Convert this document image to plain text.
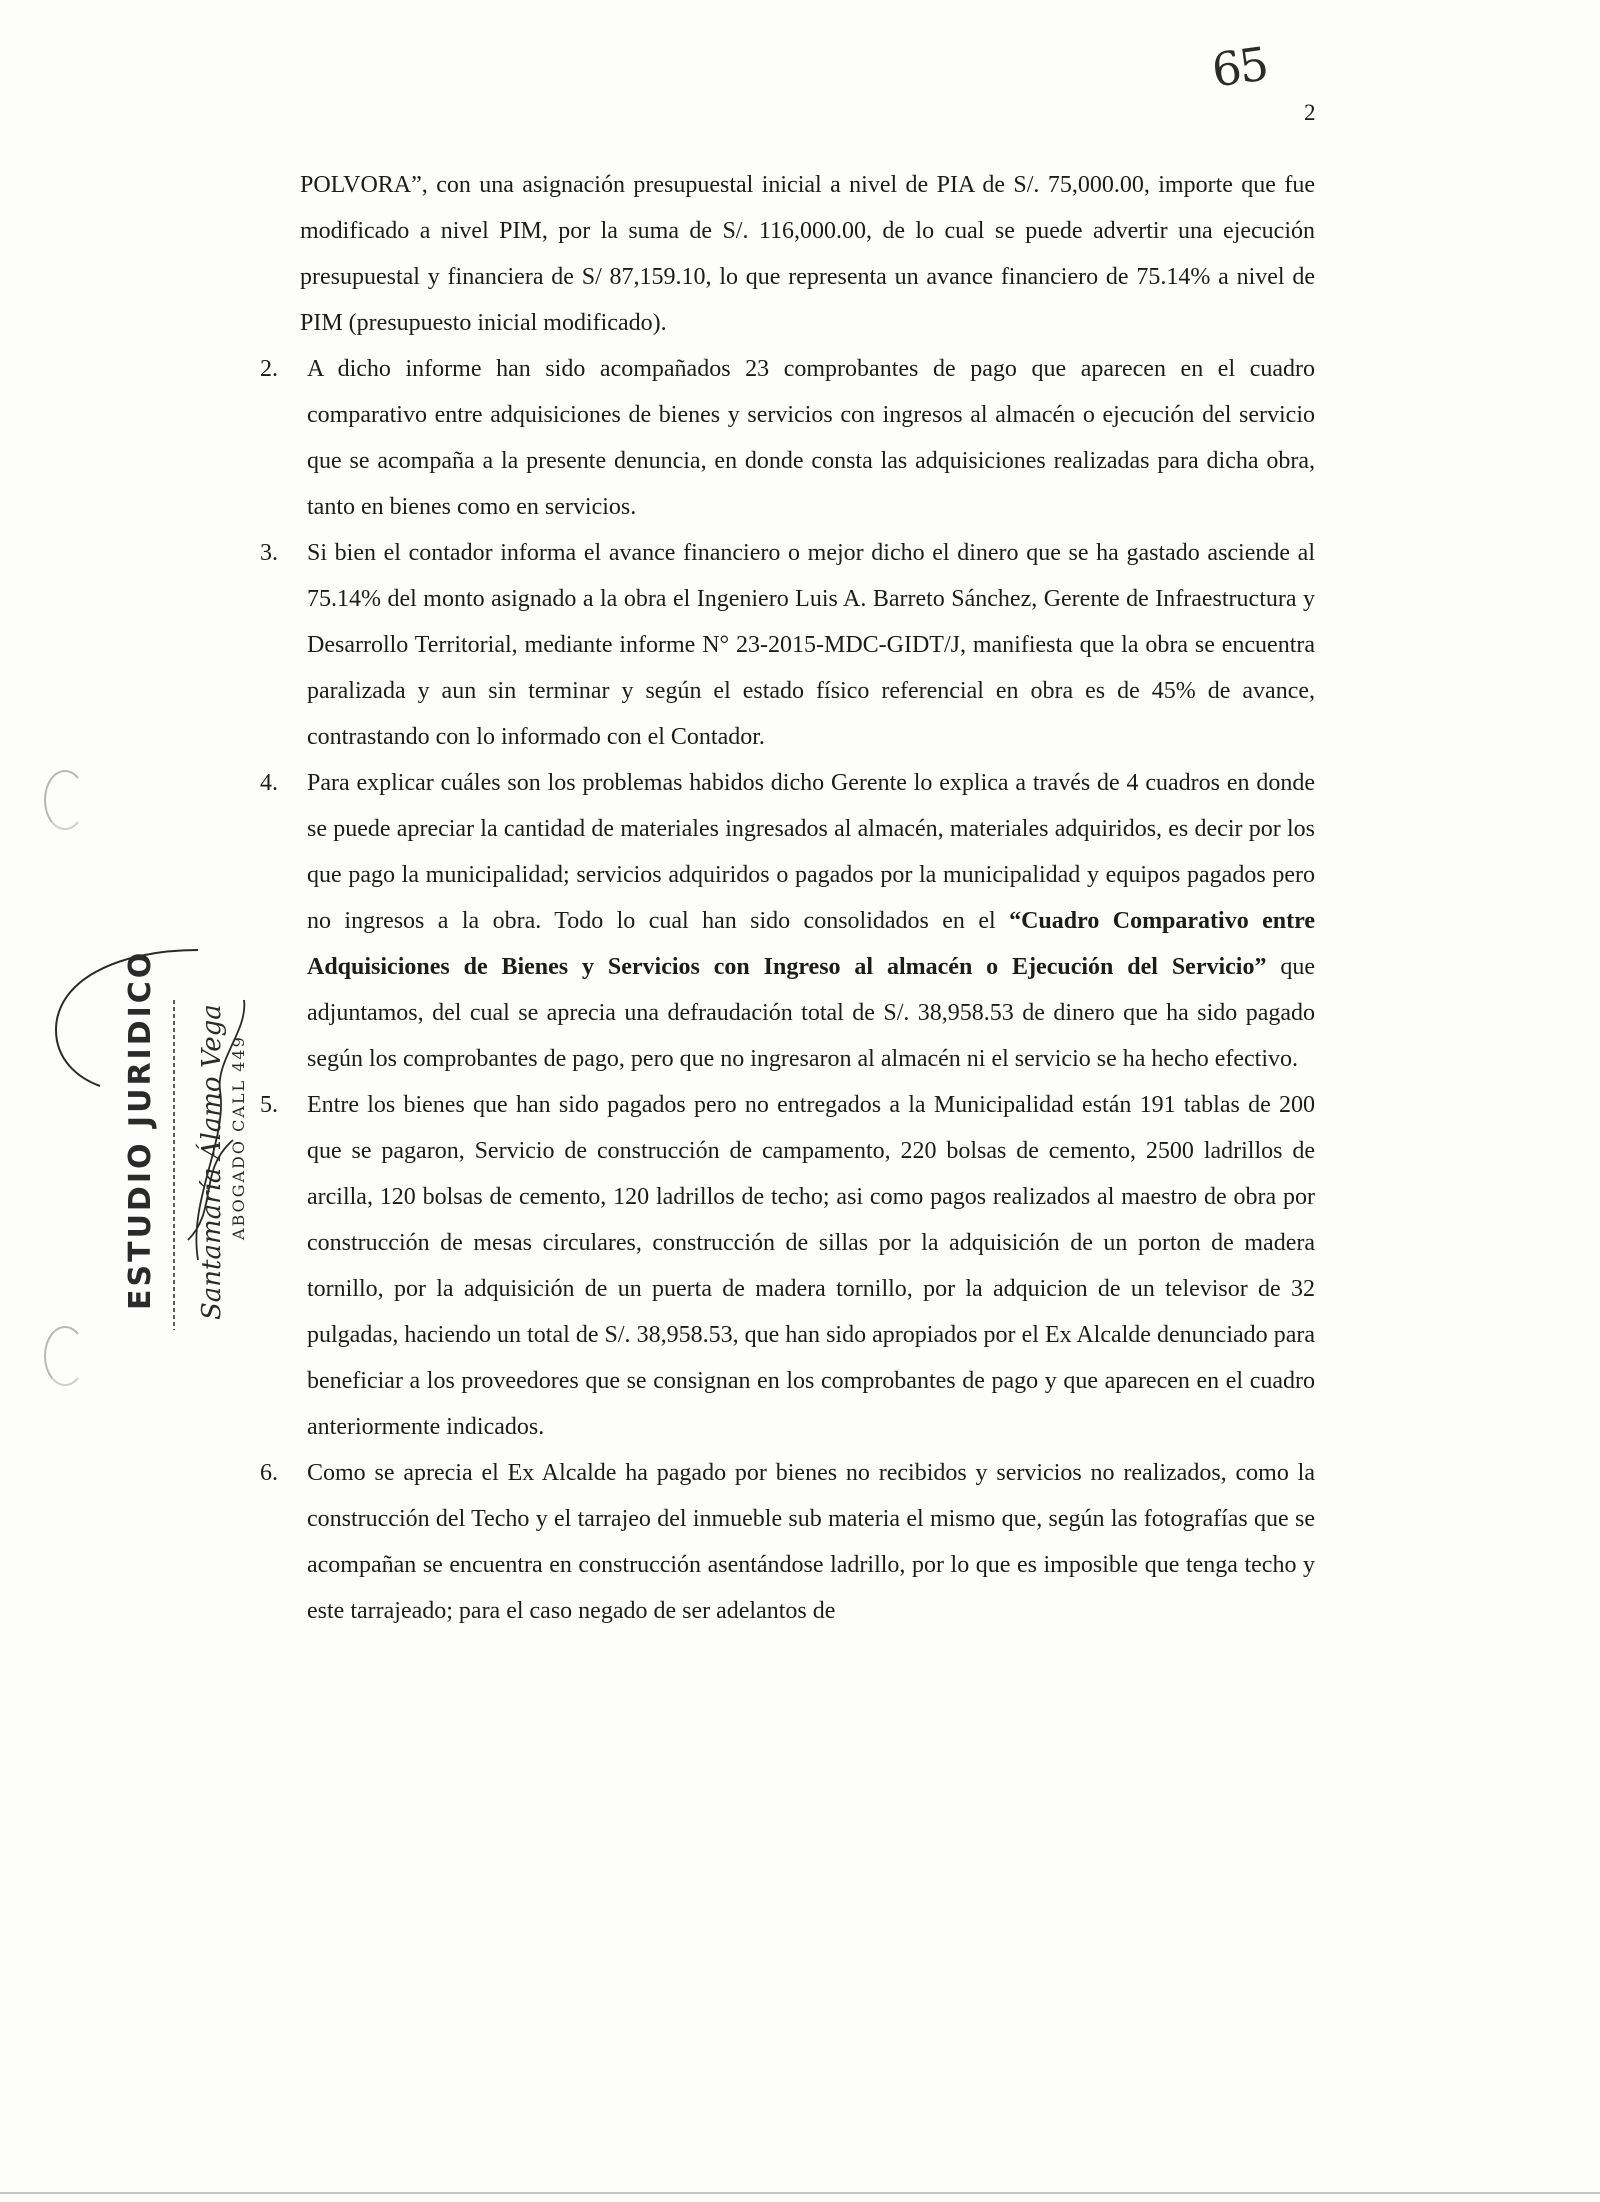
65
2

POLVORA”, con una asignación presupuestal inicial a nivel de PIA de S/. 75,000.00, importe que fue modificado a nivel PIM, por la suma de S/. 116,000.00, de lo cual se puede advertir una ejecución presupuestal y financiera de S/ 87,159.10, lo que representa un avance financiero de 75.14% a nivel de PIM (presupuesto inicial modificado).

2. A dicho informe han sido acompañados 23 comprobantes de pago que aparecen en el cuadro comparativo entre adquisiciones de bienes y servicios con ingresos al almacén o ejecución del servicio que se acompaña a la presente denuncia, en donde consta las adquisiciones realizadas para dicha obra, tanto en bienes como en servicios.

3. Si bien el contador informa el avance financiero o mejor dicho el dinero que se ha gastado asciende al 75.14% del monto asignado a la obra el Ingeniero Luis A. Barreto Sánchez, Gerente de Infraestructura y Desarrollo Territorial, mediante informe N° 23-2015-MDC-GIDT/J, manifiesta que la obra se encuentra paralizada y aun sin terminar y según el estado físico referencial en obra es de 45% de avance, contrastando con lo informado con el Contador.

4. Para explicar cuáles son los problemas habidos dicho Gerente lo explica a través de 4 cuadros en donde se puede apreciar la cantidad de materiales ingresados al almacén, materiales adquiridos, es decir por los que pago la municipalidad; servicios adquiridos o pagados por la municipalidad y equipos pagados pero no ingresos a la obra. Todo lo cual han sido consolidados en el “Cuadro Comparativo entre Adquisiciones de Bienes y Servicios con Ingreso al almacén o Ejecución del Servicio” que adjuntamos, del cual se aprecia una defraudación total de S/. 38,958.53 de dinero que ha sido pagado según los comprobantes de pago, pero que no ingresaron al almacén ni el servicio se ha hecho efectivo.

5. Entre los bienes que han sido pagados pero no entregados a la Municipalidad están 191 tablas de 200 que se pagaron, Servicio de construcción de campamento, 220 bolsas de cemento, 2500 ladrillos de arcilla, 120 bolsas de cemento, 120 ladrillos de techo; asi como pagos realizados al maestro de obra por construcción de mesas circulares, construcción de sillas por la adquisición de un porton de madera tornillo, por la adquisición de un puerta de madera tornillo, por la adquicion de un televisor de 32 pulgadas, haciendo un total de S/. 38,958.53, que han sido apropiados por el Ex Alcalde denunciado para beneficiar a los proveedores que se consignan en los comprobantes de pago y que aparecen en el cuadro anteriormente indicados.

6. Como se aprecia el Ex Alcalde ha pagado por bienes no recibidos y servicios no realizados, como la construcción del Techo y el tarrajeo del inmueble sub materia el mismo que, según las fotografías que se acompañan se encuentra en construcción asentándose ladrillo, por lo que es imposible que tenga techo y este tarrajeado; para el caso negado de ser adelantos de

ESTUDIO JURIDICO Santamaría Álamo Vega ABOGADO CALL 449
